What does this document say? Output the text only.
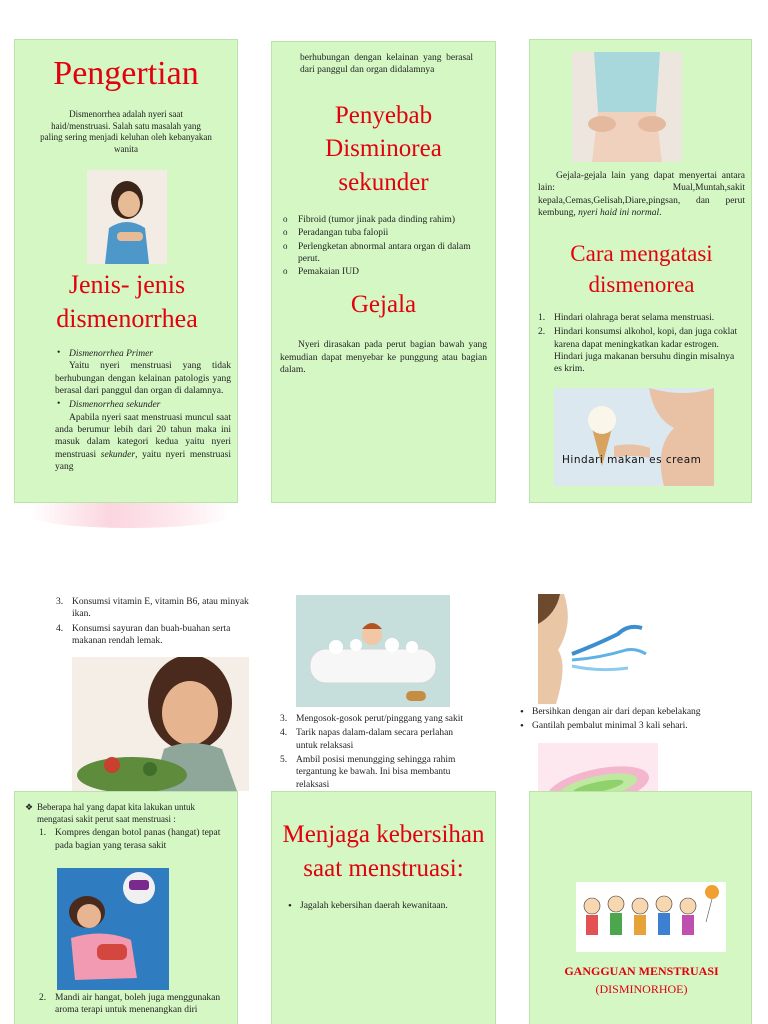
Pengertian

Dismenorrhea adalah nyeri saat haid/menstruasi. Salah satu masalah yang paling sering menjadi keluhan oleh kebanyakan wanita

Jenis- jenis dismenorrhea
• Dismenorrhea Primer

Yaitu nyeri menstruasi yang tidak berhubungan dengan kelainan patologis yang berasal dari panggul dan organ di dalamnya.

• Dismenorrhea sekunder

Apabila nyeri saat menstruasi muncul saat anda berumur lebih dari 20 tahun maka ini masuk dalam kategori kedua yaitu nyeri menstruasi sekunder, yaitu nyeri menstruasi yang

berhubungan dengan kelainan yang berasal dari panggul dan organ didalamnya

Penyebab Disminorea sekunder
o Fibroid (tumor jinak pada dinding rahim)
o Peradangan tuba falopii
o Perlengketan abnormal antara organ di dalam perut.
o Pemakaian IUD
Gejala

Nyeri dirasakan pada perut bagian bawah yang kemudian dapat menyebar ke punggung atau bagian dalam.

Gejala-gejala lain yang dapat menyertai antara lain: Mual,Muntah,sakit kepala,Cemas,Gelisah,Diare,pingsan, dan perut kembung, nyeri haid ini normal.

Cara mengatasi dismenorea
1. Hindari olahraga berat selama menstruasi.
2. Hindari konsumsi alkohol, kopi, dan juga coklat karena dapat meningkatkan kadar estrogen. Hindari juga makanan bersuhu dingin misalnya es krim.
Hindari makan es cream
3. Konsumsi vitamin E, vitamin B6, atau minyak ikan.
4. Konsumsi sayuran dan buah-buahan serta makanan rendah lemak.
3. Mengosok-gosok perut/pinggang yang sakit
4. Tarik napas dalam-dalam secara perlahan untuk relaksasi
5. Ambil posisi menungging sehingga rahim tergantung ke bawah. Ini bisa membantu relaksasi
• Bersihkan dengan air dari depan kebelakang
• Gantilah pembalut minimal 3 kali sehari.
❖ Beberapa hal yang dapat kita lakukan untuk mengatasi sakit perut saat menstruasi :
1. Kompres dengan botol panas (hangat) tepat pada bagian yang terasa sakit
2. Mandi air hangat, boleh juga menggunakan aroma terapi untuk menenangkan diri
Menjaga kebersihan saat menstruasi:
• Jagalah kebersihan daerah kewanitaan.
GANGGUAN MENSTRUASI
(DISMINORHOE)
